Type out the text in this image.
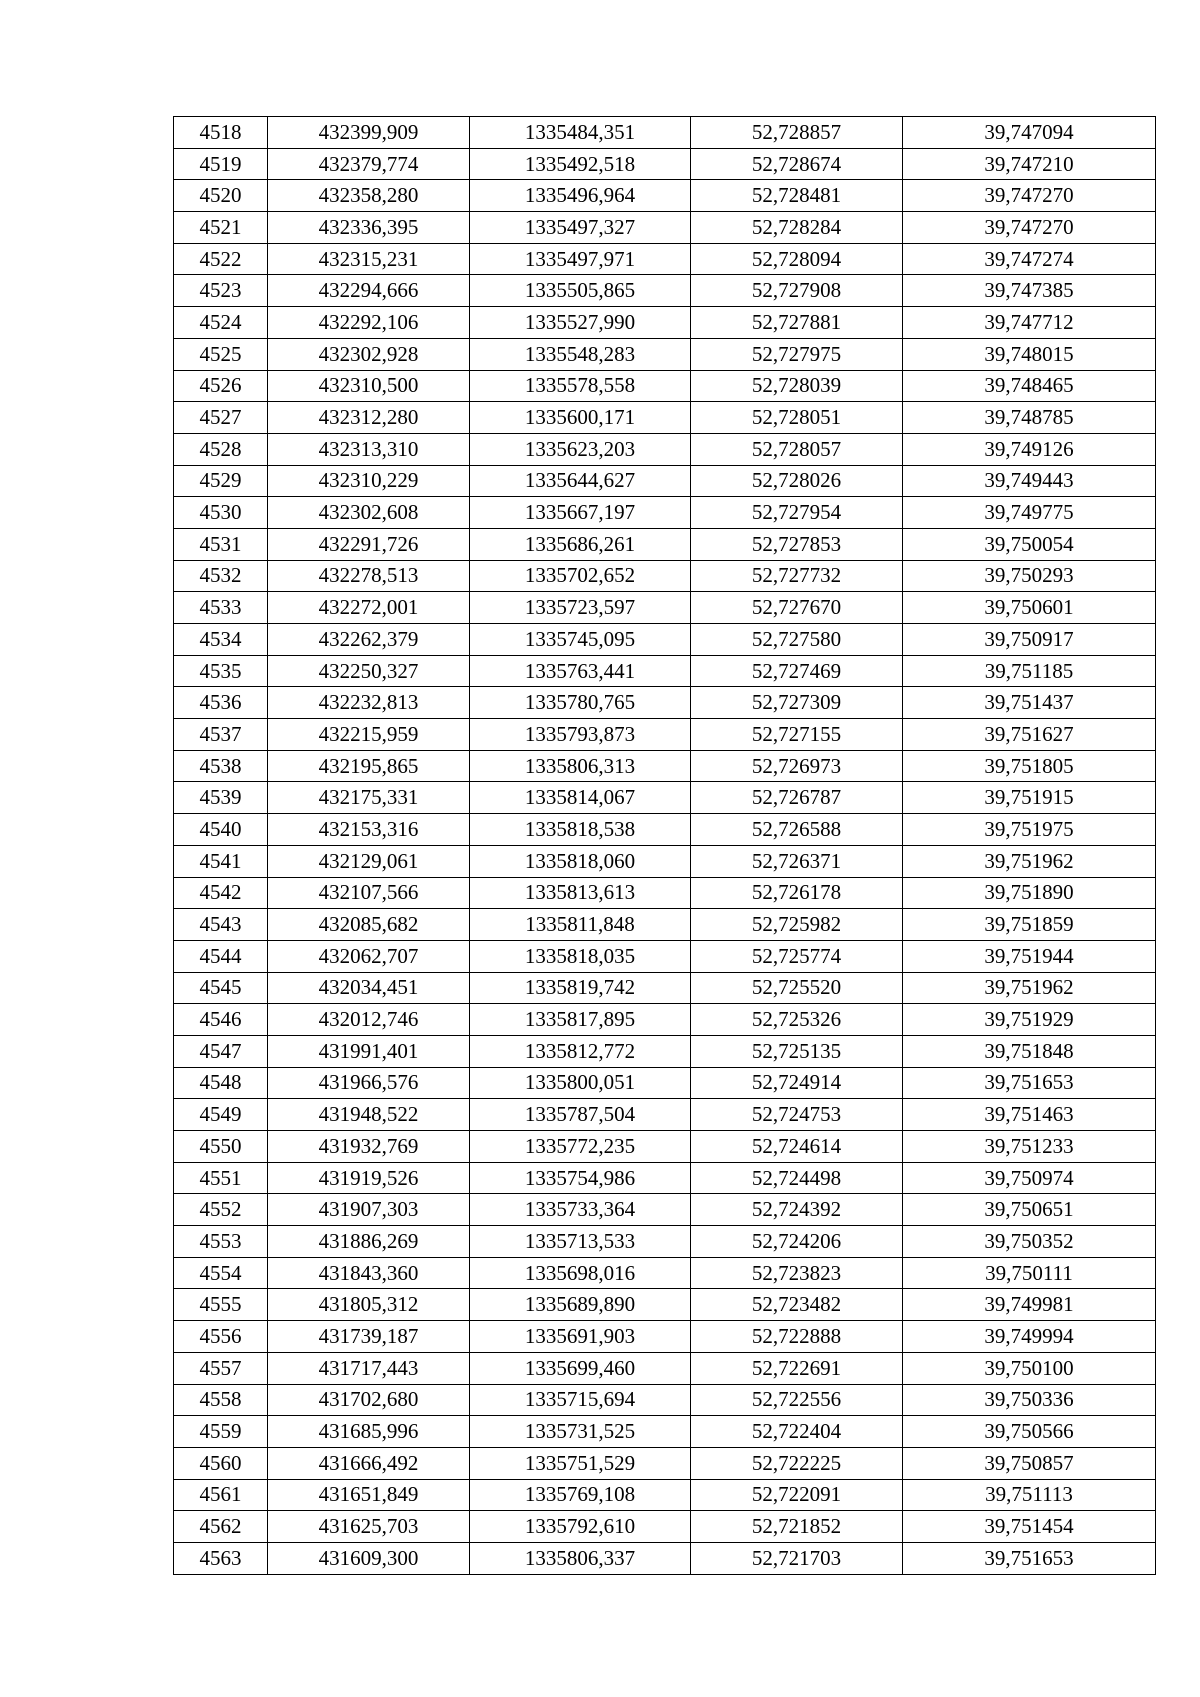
4518	432399,909	1335484,351	52,728857	39,747094
4519	432379,774	1335492,518	52,728674	39,747210
4520	432358,280	1335496,964	52,728481	39,747270
4521	432336,395	1335497,327	52,728284	39,747270
4522	432315,231	1335497,971	52,728094	39,747274
4523	432294,666	1335505,865	52,727908	39,747385
4524	432292,106	1335527,990	52,727881	39,747712
4525	432302,928	1335548,283	52,727975	39,748015
4526	432310,500	1335578,558	52,728039	39,748465
4527	432312,280	1335600,171	52,728051	39,748785
4528	432313,310	1335623,203	52,728057	39,749126
4529	432310,229	1335644,627	52,728026	39,749443
4530	432302,608	1335667,197	52,727954	39,749775
4531	432291,726	1335686,261	52,727853	39,750054
4532	432278,513	1335702,652	52,727732	39,750293
4533	432272,001	1335723,597	52,727670	39,750601
4534	432262,379	1335745,095	52,727580	39,750917
4535	432250,327	1335763,441	52,727469	39,751185
4536	432232,813	1335780,765	52,727309	39,751437
4537	432215,959	1335793,873	52,727155	39,751627
4538	432195,865	1335806,313	52,726973	39,751805
4539	432175,331	1335814,067	52,726787	39,751915
4540	432153,316	1335818,538	52,726588	39,751975
4541	432129,061	1335818,060	52,726371	39,751962
4542	432107,566	1335813,613	52,726178	39,751890
4543	432085,682	1335811,848	52,725982	39,751859
4544	432062,707	1335818,035	52,725774	39,751944
4545	432034,451	1335819,742	52,725520	39,751962
4546	432012,746	1335817,895	52,725326	39,751929
4547	431991,401	1335812,772	52,725135	39,751848
4548	431966,576	1335800,051	52,724914	39,751653
4549	431948,522	1335787,504	52,724753	39,751463
4550	431932,769	1335772,235	52,724614	39,751233
4551	431919,526	1335754,986	52,724498	39,750974
4552	431907,303	1335733,364	52,724392	39,750651
4553	431886,269	1335713,533	52,724206	39,750352
4554	431843,360	1335698,016	52,723823	39,750111
4555	431805,312	1335689,890	52,723482	39,749981
4556	431739,187	1335691,903	52,722888	39,749994
4557	431717,443	1335699,460	52,722691	39,750100
4558	431702,680	1335715,694	52,722556	39,750336
4559	431685,996	1335731,525	52,722404	39,750566
4560	431666,492	1335751,529	52,722225	39,750857
4561	431651,849	1335769,108	52,722091	39,751113
4562	431625,703	1335792,610	52,721852	39,751454
4563	431609,300	1335806,337	52,721703	39,751653
